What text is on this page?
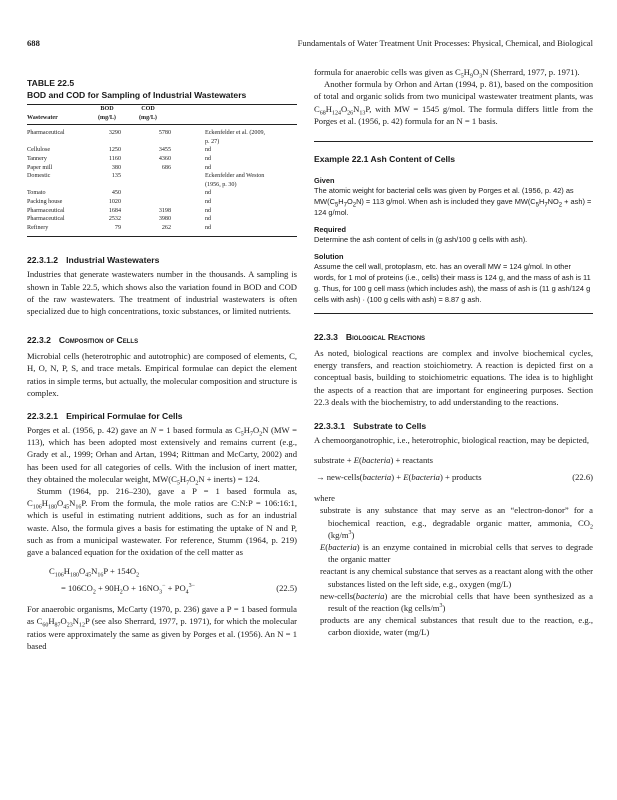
688	Fundamentals of Water Treatment Unit Processes: Physical, Chemical, and Biological
TABLE 22.5
BOD and COD for Sampling of Industrial Wastewaters
	BOD	COD	
Wastewater	(mg/L)	(mg/L)	
Pharmaceutical	3290	5780	Eckenfelder et al. (2009,
p. 27)
Cellulose	1250	3455	nd
Tannery	1160	4360	nd
Paper mill	380	686	nd
Domestic	135		Eckenfelder and Weston
(1956, p. 30)
Tomato	450		nd
Packing house	1020		nd
Pharmaceutical	1684	3198	nd
Pharmaceutical	2532	3980	nd
Refinery	79	262	nd
22.3.1.2 Industrial Wastewaters

Industries that generate wastewaters number in the thousands. A sampling is shown in Table 22.5, which shows also the variation found in BOD and COD of the raw wastewaters. The treatment of industrial wastewaters is often specialized due to high concentrations, toxic substances, or limited nutrients.

22.3.2 Composition of Cells

Microbial cells (heterotrophic and autotrophic) are composed of elements, C, H, O, N, P, S, and trace metals. Empirical formulae can depict the element ratios in simple terms, but actually, the molecular composition and structure is complex.

22.3.2.1 Empirical Formulae for Cells

Porges et al. (1956, p. 42) gave an N = 1 based formula as $C_5H_7O_2N$ (MW = 113), which has been adopted most extensively and remains current (e.g., Grady et al., 1999; Orhan and Artan, 1994; Rittman and McCarty, 2002) and has been used for all categories of cells. With the inclusion of inert matter, they obtained the molecular weight, $MW(C_5H_7O_2N$ + inerts) = 124.

Stumm (1964, pp. 216–230), gave a P = 1 based formula as, $C_{106}H_{180}O_{45}N_{16}P$. From the formula, the mole ratios are C:N:P = 106:16:1, which is useful in estimating nutrient additions, such as for an industrial waste. Also, the formula gives a basis for estimating the uptake of N and P, such as from a municipal wastewater. For reference, Stumm (1964, p. 219) gave a balanced equation for the oxidation of the cell matter as

$C_{106}H_{180}O_{45}N_{16}P + 154O_2$
= $106CO_2 + 90H_2O + 16NO_3^- + PO_4^{3-}$	(22.5)

For anaerobic organisms, McCarty (1970, p. 236) gave a P = 1 based formula as $C_{60}H_{87}O_{23}N_{12}P$ (see also Sherrard, 1977, p. 1971), for which the molecular ratios were approximately the same as given by Porges et al. (1956). An N = 1 based

formula for anaerobic cells was given as $C_5H_9O_3N$ (Sherrard, 1977, p. 1971).

Another formula by Orhon and Artan (1994, p. 81), based on the composition of total and organic solids from two municipal wastewater treatment plants, was $C_{68}H_{124}O_{26}N_{13}P$, with MW = 1545 g/mol. The formula differs little from the Porges et al. (1956, p. 42) formula for an N = 1 basis.

Example 22.1 Ash Content of Cells
Given

The atomic weight for bacterial cells was given by Porges et al. (1956, p. 42) as $MW(C_5H_7O_2N) = 113$ g/mol. When ash is included they gave $MW(C_5H_7NO_2 + ash) = 124$ g/mol.

Required

Determine the ash content of cells in (g ash/100 g cells with ash).

Solution

Assume the cell wall, protoplasm, etc. has an overall MW = 124 g/mol. In other words, for 1 mol of proteins (i.e., cells) their mass is 124 g, and the mass of ash is 11 g. Thus, for 100 g cell mass (which includes ash), the mass of ash is (11 g ash/124 g cells with ash) · (100 g cells with ash) = 8.87 g ash.

22.3.3 Biological Reactions

As noted, biological reactions are complex and involve biochemical cycles, energy transfers, and reaction stoichiometry. A reaction is depicted first on a conceptual basis, building to stoichiometric equations. The idea is to highlight the aspects of a reaction that are important for engineering purposes. Section 22.3 deals with the biochemistry, to add understanding to the reactions.

22.3.3.1 Substrate to Cells

A chemoorganotrophic, i.e., heterotrophic, biological reaction, may be depicted,

substrate + E(bacteria) + reactants
→ new-cells(bacteria) + E(bacteria) + products	(22.6)

where

substrate is any substance that may serve as an “electron-donor” for a biochemical reaction, e.g., degradable organic matter, ammonia, $CO_2$ $(kg/m^3)$
E(bacteria) is an enzyme contained in microbial cells that serves to degrade the organic matter
reactant is any chemical substance that serves as a reactant along with the other substances listed on the left side, e.g., oxygen (mg/L)
new-cells(bacteria) are the microbial cells that have been synthesized as a result of the reaction (kg cells/$m^3$)
products are any chemical substances that result due to the reaction, e.g., carbon dioxide, water (mg/L)
